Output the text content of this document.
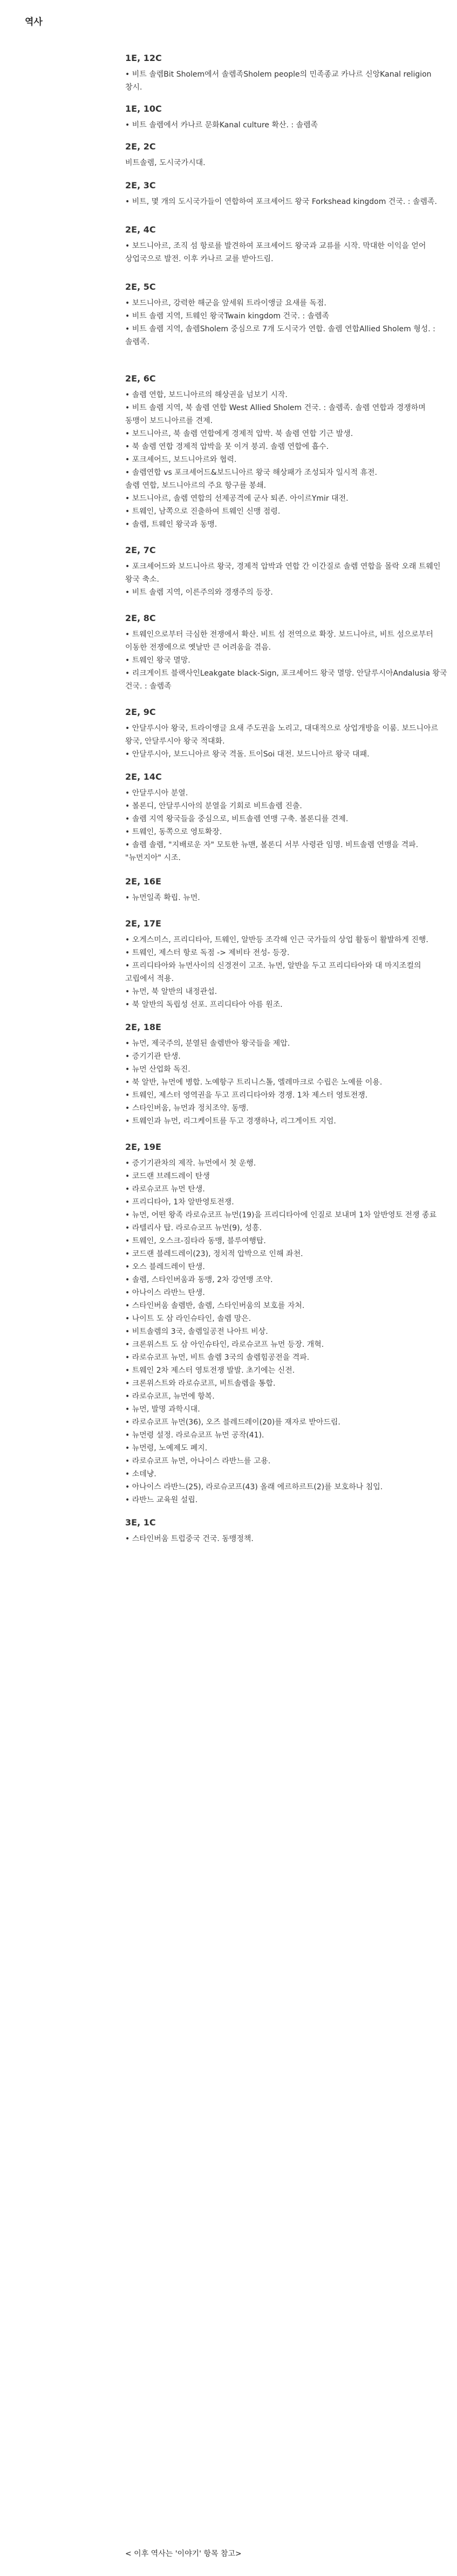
역사
1E, 12C

• 비트 솔렘Bit Sholem에서 솔렘족Sholem people의 민족종교 카나르 신앙Kanal religion 창시.

1E, 10C

• 비트 솔렘에서 카나르 문화Kanal culture 확산. : 솔렘족

2E, 2C

비트솔렘, 도시국가시대.

2E, 3C

• 비트, 몇 개의 도시국가들이 연합하여 포크셰어드 왕국 Forkshead kingdom 건국. : 솔렘족.

2E, 4C

• 보드니아르, 조직 섬 항로를 발견하여 포크셰어드 왕국과 교류를 시작. 막대한 이익을 얻어 상업국으로 발전. 이후 카나르 교를 받아드림.

2E, 5C

• 보드니아르, 강력한 해군을 앞세워 트라이앵글 요새를 독점.

• 비트 솔렘 지역, 트웨인 왕국Twain kingdom 건국. : 솔렘족

• 비트 솔렘 지역, 솔렘Sholem 중심으로 7개 도시국가 연합. 솔렘 연합Allied Sholem 형성. : 솔렘족.

2E, 6C

• 솔렘 연합, 보드니아르의 해상권을 넘보기 시작.

• 비트 솔렘 지역, 북 솔렘 연합 West Allied Sholem 건국. : 솔렘족. 솔렘 연합과 경쟁하며 동맹이 보드니아르를 견제.

• 보드니아르, 북 솔렘 연합에게 경제적 압박. 북 솔렘 연합 기근 발생.

• 북 솔렘 연합 경제적 압박을 못 이겨 붕괴. 솔렘 연합에 흡수.

• 포크셰어드, 보드니아르와 협력.

• 솔렘연합 vs 포크셰어드&보드니아르 왕국 해상패가 조성되자 일시적 휴전.

솔렘 연합, 보드니아르의 주요 항구를 봉쇄.

• 보드니아르, 솔렘 연합의 선제공격에 군사 퇴존. 아이르Ymir 대전.

• 트웨인, 남쪽으로 진출하여 트웨인 신맹 점령.

• 솔렘, 트웨인 왕국과 동맹.

2E, 7C

• 포크셰어드와 보드니아르 왕국, 경제적 압박과 연합 간 이간질로 솔렘 연합을 몰락 오래 트웨인 왕국 축소.

• 비트 솔렘 지역, 이른주의와 경쟁주의 등장.

2E, 8C

• 트웨인으로부터 극심한 전쟁에서 확산. 비트 섬 전역으로 확장. 보드니아르, 비트 섬으로부터 이동한 전쟁에으로 옛날만 큰 어려움을 겪음.

• 트웨인 왕국 멸망.

• 리크게이트 블랙사인Leakgate black-Sign, 포크셰어드 왕국 멸망. 안달루시아Andalusia 왕국 건국. : 솔렘족

2E, 9C

• 안달루시아 왕국, 트라이앵글 요새 주도권을 노리고, 대대적으로 상업개방을 이룸. 보드니아르 왕국, 안달루시아 왕국 적대화.

• 안달루시아, 보드니아르 왕국 격돌. 트이Soi 대전. 보드니아르 왕국 대패.

2E, 14C

• 안달루시아 분열.

• 볼론디, 안달루시아의 분열을 기회로 비트솔렘 진출.

• 솔렘 지역 왕국들을 중심으로, 비트솔렘 연맹 구축. 볼론디를 견제.

• 트웨인, 동쪽으로 영토확장.

• 솔렘 솔렘, "지배로운 자" 모토한 뉴맨, 볼론디 서부 사령관 임명. 비트솔렘 연맹을 격파. "뉴먼지아" 시조.

2E, 16E

• 뉴먼일족 확립. 뉴먼.

2E, 17E

• 오게스미스, 프리디타아, 트웨인, 알반등 조각해 인근 국가들의 상업 활동이 활발하게 진행.

• 트웨인, 제스터 항로 독점 -> 제비타 전성- 등장.

• 프리디타아와 뉴먼사이의 신경전이 고조. 뉴먼, 알반을 두고 프리디타아와 대 마지조컬의 고립에서 적용.

• 뉴먼, 북 알반의 내정관섭.

• 북 알반의 독립성 선포. 프리디타아 아름 원조.

2E, 18E

• 뉴먼, 제국주의, 분열된 솔렘반아 왕국들을 제압.

• 증기기관 탄생.

• 뉴먼 산업화 독진.

• 북 알반, 뉴먼에 병합. 노예항구 트리니스톨, 엘레마크로 수립은 노예를 이용.

• 트웨인, 제스터 영역권을 두고 프리디타아와 경쟁. 1차 제스터 영토전쟁.

• 스타인버움, 뉴먼과 정치조약. 동맹.

• 트웨인과 뉴먼, 리그케이트를 두고 경쟁하나, 리그게이트 지엄.

2E, 19E

• 증기기관차의 제작. 뉴먼에서 첫 운행.

• 코드랜 브레드레이 탄생

• 라로슈코프 뉴먼 탄생.

• 프리디타아, 1차 알반영토전쟁.

• 뉴먼, 어떤 왕족 라로슈코프 뉴먼(19)을 프리디타아에 인질로 보내며 1차 알반영토 전쟁 종료

• 라텔리사 탑. 라로슈코프 뉴먼(9), 성흥.

• 트웨인, 오스크-짐타라 동맹, 블루여행탑.

• 코드랜 블레드레이(23), 정치적 압박으로 인해 좌천.

• 오스 블레드레이 탄생.

• 솔렘, 스타인버움과 동맹, 2차 강연맹 조약.

• 아나이스 라반느 탄생.

• 스타인버움 솔렘반, 솔렘, 스타인버움의 보호를 자처.

• 나이트 도 삼 라인슈타인, 솔렘 망은.

• 비트솔렘의 3국, 솔렘일공전 나아트 비상.

• 크론위스트 도 삼 아인슈타인, 라로슈코프 뉴먼 등장. 개혁.

• 라로슈코프 뉴먼, 비트 솔렘 3국의 솔렘힘공전을 격파.

• 트웨인 2차 제스터 영토전쟁 발발. 초기에는 신전.

• 크론위스트와 라로슈코프, 비트솔렘을 통합.

• 라로슈코프, 뉴먼에 항복.

• 뉴먼, 발명 과학시대.

• 라로슈코프 뉴먼(36), 오즈 블레드레이(20)를 재자로 받아드림.

• 뉴먼령 설정. 라로슈코프 뉴먼 공작(41).

• 뉴먼령, 노예제도 폐지.

• 라로슈코프 뉴먼, 아나이스 라반느를 고용.

• 소데냥.

• 아나이스 라반느(25), 라로슈코프(43) 올래 에르하르트(2)를 보호하나 침입.

• 라반느 교육원 설립.

3E, 1C

• 스타인버움 트럽중국 건국. 동맹정책.

< 이후 역사는 '이야기' 항목 참고>
